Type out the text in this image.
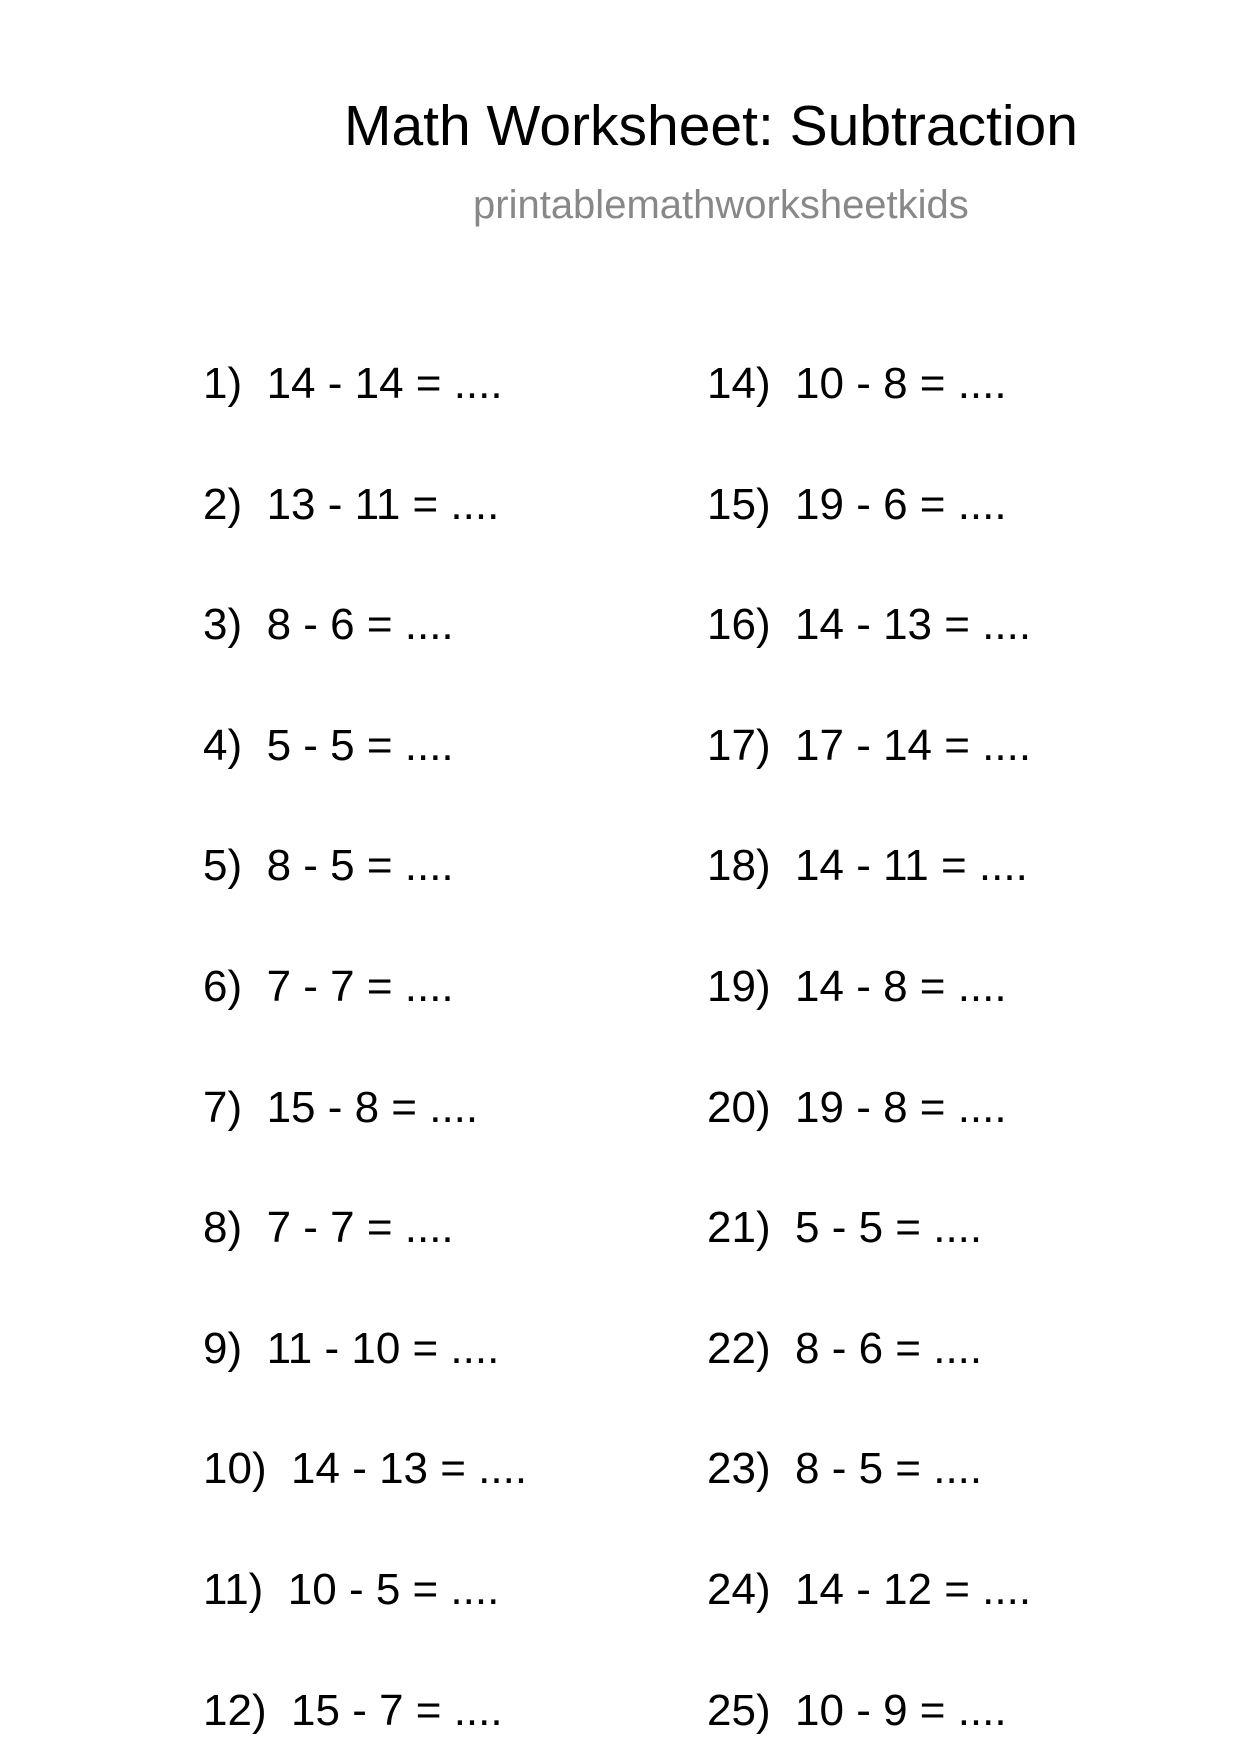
Math Worksheet: Subtraction
printablemathworksheetkids
1)  14 - 14 = ....
2)  13 - 11 = ....
3)  8 - 6 = ....
4)  5 - 5 = ....
5)  8 - 5 = ....
6)  7 - 7 = ....
7)  15 - 8 = ....
8)  7 - 7 = ....
9)  11 - 10 = ....
10)  14 - 13 = ....
11)  10 - 5 = ....
12)  15 - 7 = ....
14)  10 - 8 = ....
15)  19 - 6 = ....
16)  14 - 13 = ....
17)  17 - 14 = ....
18)  14 - 11 = ....
19)  14 - 8 = ....
20)  19 - 8 = ....
21)  5 - 5 = ....
22)  8 - 6 = ....
23)  8 - 5 = ....
24)  14 - 12 = ....
25)  10 - 9 = ....
